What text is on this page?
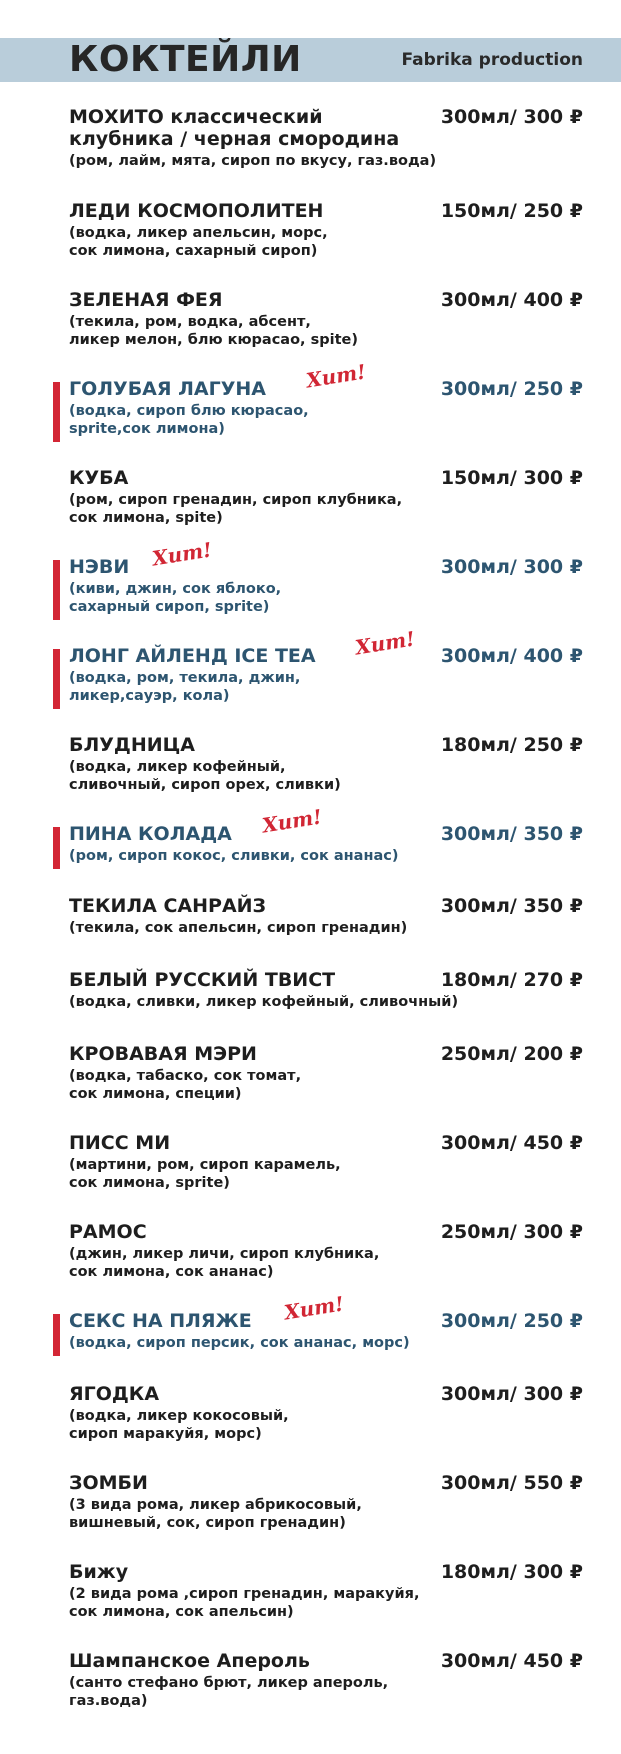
КОКТЕЙЛИ	Fabrika production
МОХИТО классический	300мл/ 300 ₽
клубника / черная смородина
(ром, лайм, мята, сироп по вкусу, газ.вода)
ЛЕДИ КОСМОПОЛИТЕН	150мл/ 250 ₽
(водка, ликер апельсин, морс,
сок лимона, сахарный сироп)
ЗЕЛЕНАЯ ФЕЯ	300мл/ 400 ₽
(текила, ром, водка, абсент,
ликер мелон, блю кюрасао, spite)
ГОЛУБАЯ ЛАГУНА	300мл/ 250 ₽
(водка, сироп блю кюрасао,
sprite,сок лимона)
Хит!
КУБА	150мл/ 300 ₽
(ром, сироп гренадин, сироп клубника,
сок лимона, spite)
НЭВИ	300мл/ 300 ₽
(киви, джин, сок яблоко,
сахарный сироп, sprite)
Хит!
ЛОНГ АЙЛЕНД ICE TEA	300мл/ 400 ₽
(водка, ром, текила, джин,
ликер,сауэр, кола)
Хит!
БЛУДНИЦА	180мл/ 250 ₽
(водка, ликер кофейный,
сливочный, сироп орех, сливки)
ПИНА КОЛАДА	300мл/ 350 ₽
(ром, сироп кокос, сливки, сок ананас)
Хит!
ТЕКИЛА САНРАЙЗ	300мл/ 350 ₽
(текила, сок апельсин, сироп гренадин)
БЕЛЫЙ РУССКИЙ ТВИСТ	180мл/ 270 ₽
(водка, сливки, ликер кофейный, сливочный)
КРОВАВАЯ МЭРИ	250мл/ 200 ₽
(водка, табаско, сок томат,
сок лимона, специи)
ПИСС МИ	300мл/ 450 ₽
(мартини, ром, сироп карамель,
сок лимона, sprite)
РАМОС	250мл/ 300 ₽
(джин, ликер личи, сироп клубника,
сок лимона, сок ананас)
СЕКС НА ПЛЯЖЕ	300мл/ 250 ₽
(водка, сироп персик, сок ананас, морс)
Хит!
ЯГОДКА	300мл/ 300 ₽
(водка, ликер кокосовый,
сироп маракуйя, морс)
ЗОМБИ	300мл/ 550 ₽
(3 вида рома, ликер абрикосовый,
вишневый, сок, сироп гренадин)
Бижу	180мл/ 300 ₽
(2 вида рома ,сироп гренадин, маракуйя,
сок лимона, сок апельсин)
Шампанское Апероль	300мл/ 450 ₽
(санто стефано брют, ликер апероль,
газ.вода)
